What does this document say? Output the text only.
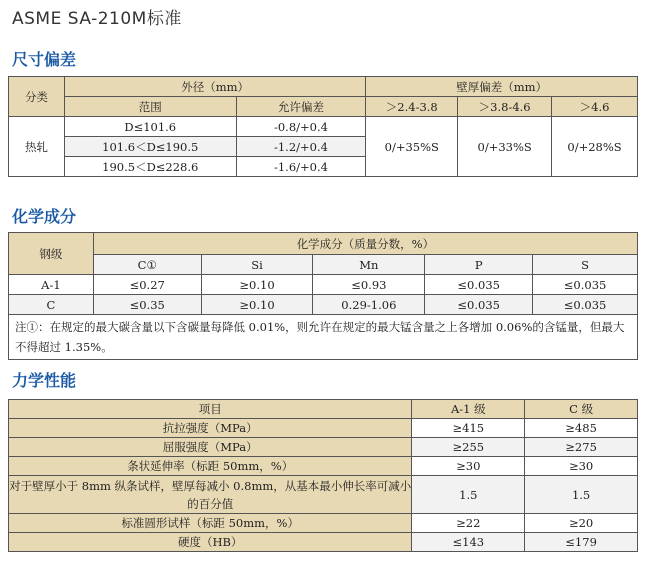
ASME SA-210M标准
尺寸偏差
分类	外径（mm）		壁厚偏差（mm）		
	范围	允许偏差	＞2.4-3.8	＞3.8-4.6	＞4.6
热轧	D≤101.6	-0.8/+0.4	0/+35%S	0/+33%S	0/+28%S
	101.6＜D≤190.5	-1.2/+0.4			
	190.5＜D≤228.6	-1.6/+0.4			
化学成分
钢级	化学成分（质量分数，%）				
	C①	Si	Mn	P	S
A-1	≤0.27	≥0.10	≤0.93	≤0.035	≤0.035
C	≤0.35	≥0.10	0.29-1.06	≤0.035	≤0.035
注①：在规定的最大碳含量以下含碳量每降低 0.01%，则允许在规定的最大锰含量之上各增加 0.06%的含锰量，但最大不得超过 1.35%。					
力学性能
项目	A-1 级	C 级
抗拉强度（MPa）	≥415	≥485
屈服强度（MPa）	≥255	≥275
条状延伸率（标距 50mm，%）	≥30	≥30
对于壁厚小于 8mm 纵条试样，壁厚每减小 0.8mm，从基本最小伸长率可减小的百分值	1.5	1.5
标准圆形试样（标距 50mm，%）	≥22	≥20
硬度（HB）	≤143	≤179
